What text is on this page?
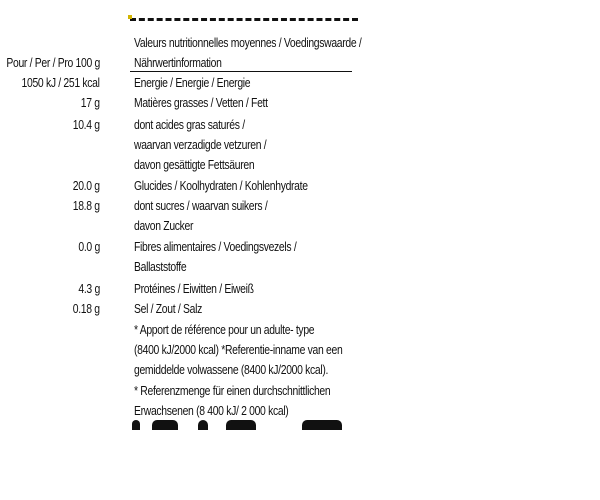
Valeurs nutritionnelles moyennes / Voedingswaarde /
Nährwertinformation
Pour / Per / Pro 100 g
Energie / Energie / Energie
1050 kJ / 251 kcal
Matières grasses / Vetten / Fett
17 g
dont acides gras saturés /
10.4 g
waarvan verzadigde vetzuren /
davon gesättigte Fettsäuren
Glucides / Koolhydraten / Kohlenhydrate
20.0 g
dont sucres / waarvan suikers /
18.8 g
davon Zucker
Fibres alimentaires / Voedingsvezels /
0.0 g
Ballaststoffe
Protéines / Eiwitten / Eiweiß
4.3 g
Sel / Zout / Salz
0.18 g
* Apport de référence pour un adulte- type
(8400 kJ/2000 kcal) *Referentie-inname van een
gemiddelde volwassene (8400 kJ/2000 kcal).
* Referenzmenge für einen durchschnittlichen
Erwachsenen (8 400 kJ/ 2 000 kcal)
